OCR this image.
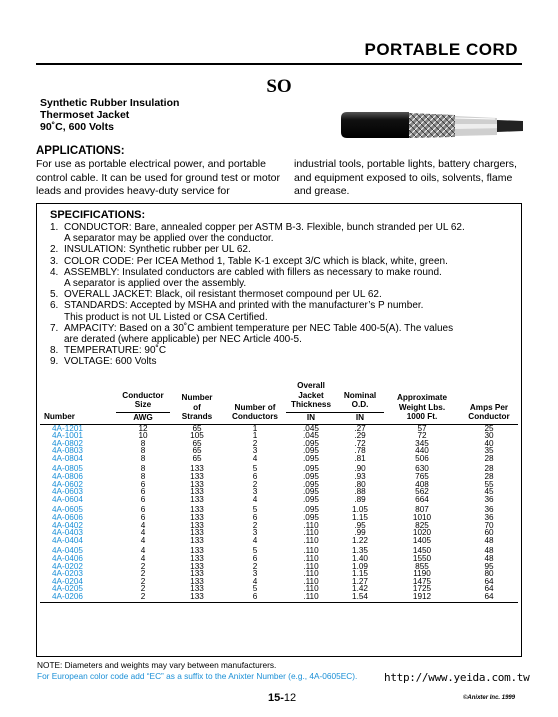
PORTABLE CORD
SO
Synthetic Rubber Insulation
Thermoset Jacket
90˚C, 600 Volts
APPLICATIONS:
For use as portable electrical power, and portable control cable. It can be used for ground test or motor leads and provides heavy-duty service for
industrial tools, portable lights, battery chargers, and equipment exposed to oils, solvents, flame and grease.
SPECIFICATIONS:
1. CONDUCTOR: Bare, annealed copper per ASTM B-3. Flexible, bunch stranded per UL 62.
A separator may be applied over the conductor.
2. INSULATION: Synthetic rubber per UL 62.
3. COLOR CODE: Per ICEA Method 1, Table K-1 except 3/C which is black, white, green.
4. ASSEMBLY: Insulated conductors are cabled with fillers as necessary to make round.
A separator is applied over the assembly.
5. OVERALL JACKET: Black, oil resistant thermoset compound per UL 62.
6. STANDARDS: Accepted by MSHA and printed with the manufacturer’s P number.
This product is not UL Listed or CSA Certified.
7. AMPACITY: Based on a 30˚C ambient temperature per NEC Table 400-5(A). The values
are derated (where applicable) per NEC Article 400-5.
8. TEMPERATURE: 90˚C
9. VOLTAGE: 600 Volts
Number	Conductor Size	Number of Strands	Number of Conductors	Overall Jacket Thickness	Nominal O.D.	Approximate Weight Lbs. 1000 Ft.	Amps Per Conductor
	AWG			IN	IN		
4A-1201	12	65	1	.045	.27	57	25
4A-1001	10	105	1	.045	.29	72	30
4A-0802	8	65	2	.095	.72	345	40
4A-0803	8	65	3	.095	.78	440	35
4A-0804	8	65	4	.095	.81	506	28
4A-0805	8	133	5	.095	.90	630	28
4A-0806	8	133	6	.095	.93	765	28
4A-0602	6	133	2	.095	.80	408	55
4A-0603	6	133	3	.095	.88	562	45
4A-0604	6	133	4	.095	.89	664	36
4A-0605	6	133	5	.095	1.05	807	36
4A-0606	6	133	6	.095	1.15	1010	36
4A-0402	4	133	2	.110	.95	825	70
4A-0403	4	133	3	.110	.99	1020	60
4A-0404	4	133	4	.110	1.22	1405	48
4A-0405	4	133	5	.110	1.35	1450	48
4A-0406	4	133	6	.110	1.40	1550	48
4A-0202	2	133	2	.110	1.09	855	95
4A-0203	2	133	3	.110	1.15	1190	80
4A-0204	2	133	4	.110	1.27	1475	64
4A-0205	2	133	5	.110	1.42	1725	64
4A-0206	2	133	6	.110	1.54	1912	64
NOTE: Diameters and weights may vary between manufacturers.
For European color code add “EC” as a suffix to the Anixter Number (e.g., 4A-0605EC). http://www.yeida.com.tw
15-12	©Anixter Inc. 1999
